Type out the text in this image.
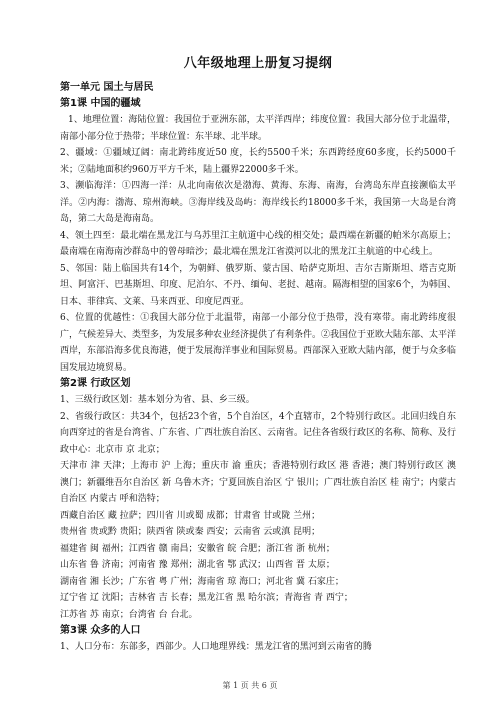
八年级地理上册复习提纲

第一单元 国土与居民

第1课 中国的疆域

1、地理位置：海陆位置：我国位于亚洲东部，太平洋西岸；纬度位置：我国大部分位于北温带，南部小部分位于热带；半球位置：东半球、北半球。

2、疆域：①疆域辽阔：南北跨纬度近50 度，长约5500千米；东西跨经度60多度，长约5000千米；②陆地面积约960万平方千米，陆上疆界22000多千米。

3、濒临海洋：①四海一洋：从北向南依次是渤海、黄海、东海、南海，台湾岛东岸直接濒临太平洋。②内海：渤海、琼州海峡。③海岸线及岛屿：海岸线长约18000多千米，我国第一大岛是台湾岛，第二大岛是海南岛。

4、领土四至：最北端在黑龙江与乌苏里江主航道中心线的相交处；最西端在新疆的帕米尔高原上；最南端在南海南沙群岛中的曾母暗沙；最北端在黑龙江省漠河以北的黑龙江主航道的中心线上。

5、邻国：陆上临国共有14个，为朝鲜、俄罗斯、蒙古国、哈萨克斯坦、吉尔吉斯斯坦、塔吉克斯坦、阿富汗、巴基斯坦、印度、尼泊尔、不丹、缅甸、老挝、越南。隔海相望的国家6个，为韩国、日本、菲律宾、文莱、马来西亚、印度尼西亚。

6、位置的优越性：①我国大部分位于北温带，南部一小部分位于热带，没有寒带。南北跨纬度很广，气候差异大、类型多，为发展多种农业经济提供了有利条件。②我国位于亚欧大陆东部、太平洋西岸，东部沿海多优良海港，便于发展海洋事业和国际贸易。西部深入亚欧大陆内部，便于与众多临国发展边境贸易。

第2课 行政区划

1、三级行政区划：基本划分为省、县、乡三级。

2、省级行政区：共34个，包括23个省，5个自治区，4个直辖市，2个特别行政区。北回归线自东向西穿过的省是台湾省、广东省、广西壮族自治区、云南省。记住各省级行政区的名称、简称、及行政中心：北京市 京 北京；

天津市 津 天津；上海市 沪 上海；重庆市 渝 重庆；香港特别行政区 港 香港；澳门特别行政区 澳 澳门；新疆维吾尔自治区 新 乌鲁木齐；宁夏回族自治区 宁 银川；广西壮族自治区 桂 南宁；内蒙古自治区 内蒙古 呼和浩特；

西藏自治区 藏 拉萨；四川省 川或蜀 成都；甘肃省 甘或陇 兰州；

贵州省 贵或黔 贵阳；陕西省 陕或秦 西安；云南省 云或滇 昆明；

福建省 闽 福州；江西省 赣 南昌；安徽省 皖 合肥；浙江省 浙 杭州；

山东省 鲁 济南；河南省 豫 郑州；湖北省 鄂 武汉；山西省 晋 太原；

湖南省 湘 长沙；广东省 粤 广州；海南省 琼 海口；河北省 冀 石家庄；

辽宁省 辽 沈阳；吉林省 吉 长春；黑龙江省 黑 哈尔滨；青海省 青 西宁；

江苏省 苏 南京；台湾省 台 台北。

第3课 众多的人口

1、人口分布：东部多，西部少。人口地理界线：黑龙江省的黑河到云南省的腾

第 1 页 共 6 页
